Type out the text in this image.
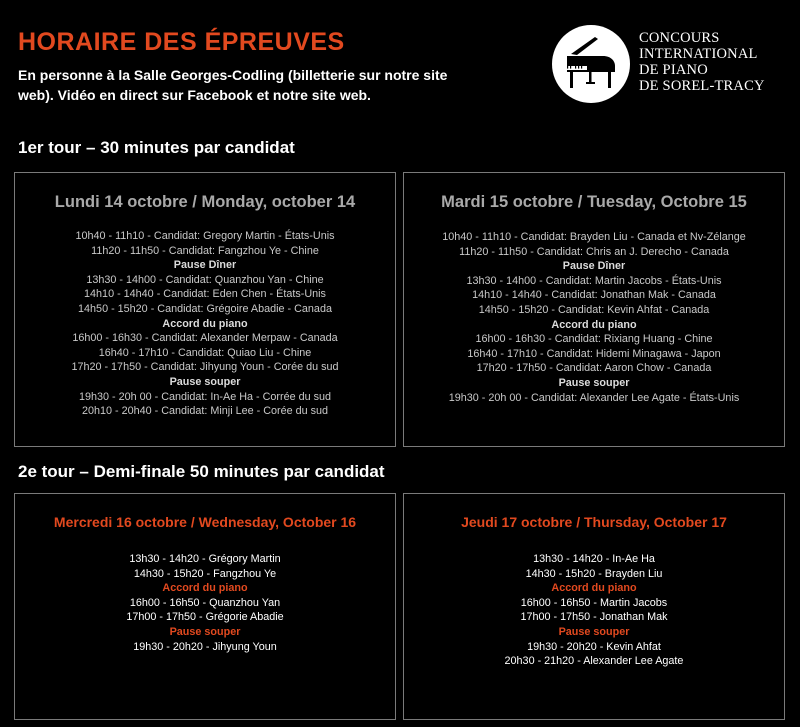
HORAIRE DES ÉPREUVES

En personne à la Salle Georges-Codling (billetterie sur notre site web). Vidéo en direct sur Facebook et notre site web.

CONCOURS
INTERNATIONAL
DE PIANO
DE SOREL-TRACY
1er tour – 30 minutes par candidat
Lundi 14 octobre / Monday, october 14
10h40 - 11h10 - Candidat: Gregory Martin - États-Unis
11h20 - 11h50 - Candidat: Fangzhou Ye - Chine
Pause Dîner
13h30 - 14h00 - Candidat: Quanzhou Yan - Chine
14h10 - 14h40 - Candidat: Eden Chen - États-Unis
14h50 - 15h20 - Candidat: Grégoire Abadie - Canada
Accord du piano
16h00 - 16h30 - Candidat: Alexander Merpaw - Canada
16h40 - 17h10 - Candidat: Quiao Liu - Chine
17h20 - 17h50 - Candidat: Jihyung Youn - Corée du sud
Pause souper
19h30 - 20h 00 - Candidat: In-Ae Ha - Corrée du sud
20h10 - 20h40 - Candidat: Minji Lee - Corée du sud
Mardi 15 octobre / Tuesday, Octobre 15
10h40 - 11h10 - Candidat: Brayden Liu - Canada et Nv-Zélange
11h20 - 11h50 - Candidat: Chris an J. Derecho - Canada
Pause Dîner
13h30 - 14h00 - Candidat: Martin Jacobs - États-Unis
14h10 - 14h40 - Candidat: Jonathan Mak - Canada
14h50 - 15h20 - Candidat: Kevin Ahfat - Canada
Accord du piano
16h00 - 16h30 - Candidat: Rixiang Huang - Chine
16h40 - 17h10 - Candidat: Hidemi Minagawa - Japon
17h20 - 17h50 - Candidat: Aaron Chow - Canada
Pause souper
19h30 - 20h 00 - Candidat: Alexander Lee Agate - États-Unis
2e tour – Demi-finale 50 minutes par candidat
Mercredi 16 octobre / Wednesday, October 16
13h30 - 14h20 - Grégory Martin
14h30 - 15h20 - Fangzhou Ye
Accord du piano
16h00 - 16h50 - Quanzhou Yan
17h00 - 17h50 - Grégorie Abadie
Pause souper
19h30 - 20h20 - Jihyung Youn
Jeudi 17 octobre / Thursday, October 17
13h30 - 14h20 - In-Ae Ha
14h30 - 15h20 - Brayden Liu
Accord du piano
16h00 - 16h50 - Martin Jacobs
17h00 - 17h50 - Jonathan Mak
Pause souper
19h30 - 20h20 - Kevin Ahfat
20h30 - 21h20 - Alexander Lee Agate
